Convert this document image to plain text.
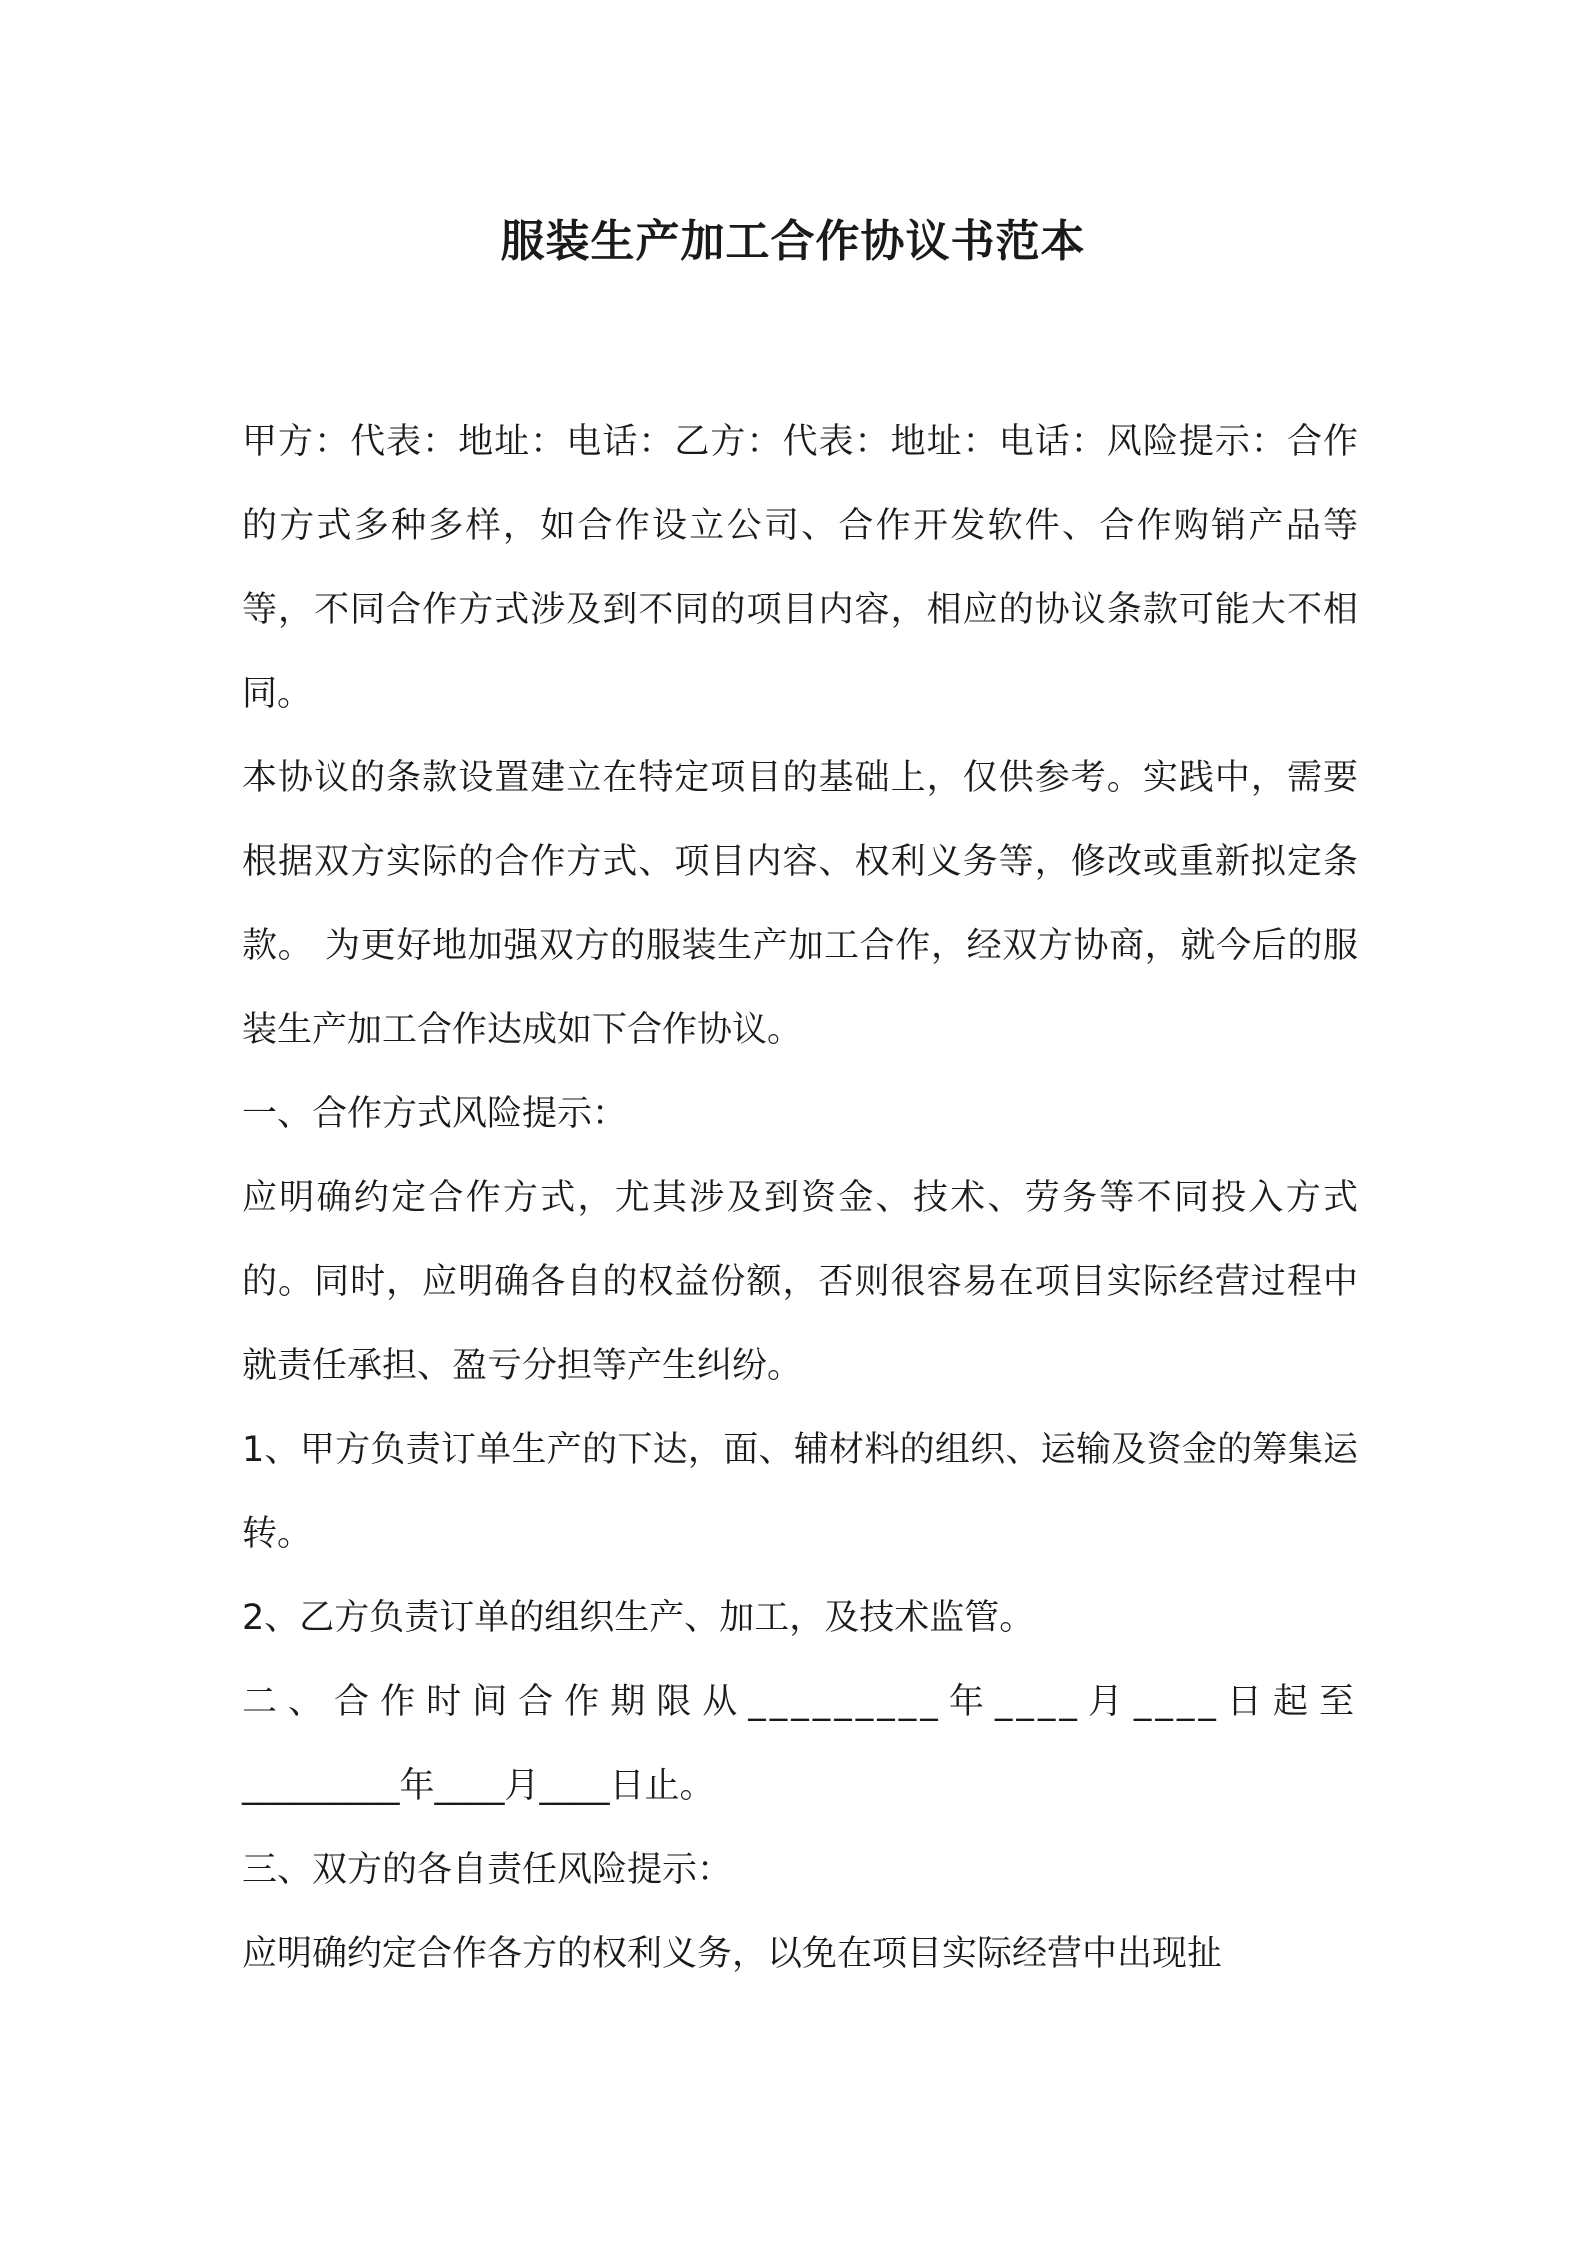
服装生产加工合作协议书范本

甲方：代表：地址：电话：乙方：代表：地址：电话：风险提示：合作的方式多种多样，如合作设立公司、合作开发软件、合作购销产品等等，不同合作方式涉及到不同的项目内容，相应的协议条款可能大不相同。

本协议的条款设置建立在特定项目的基础上，仅供参考。实践中，需要根据双方实际的合作方式、项目内容、权利义务等，修改或重新拟定条款。 为更好地加强双方的服装生产加工合作，经双方协商，就今后的服装生产加工合作达成如下合作协议。

一、合作方式风险提示：

应明确约定合作方式，尤其涉及到资金、技术、劳务等不同投入方式的。同时，应明确各自的权益份额，否则很容易在项目实际经营过程中就责任承担、盈亏分担等产生纠纷。

1、甲方负责订单生产的下达，面、辅材料的组织、运输及资金的筹集运转。

2、乙方负责订单的组织生产、加工，及技术监管。

二、合作时间合作期限从_________年____月____日起至

_________年____月____日止。

三、双方的各自责任风险提示：

应明确约定合作各方的权利义务，以免在项目实际经营中出现扯
